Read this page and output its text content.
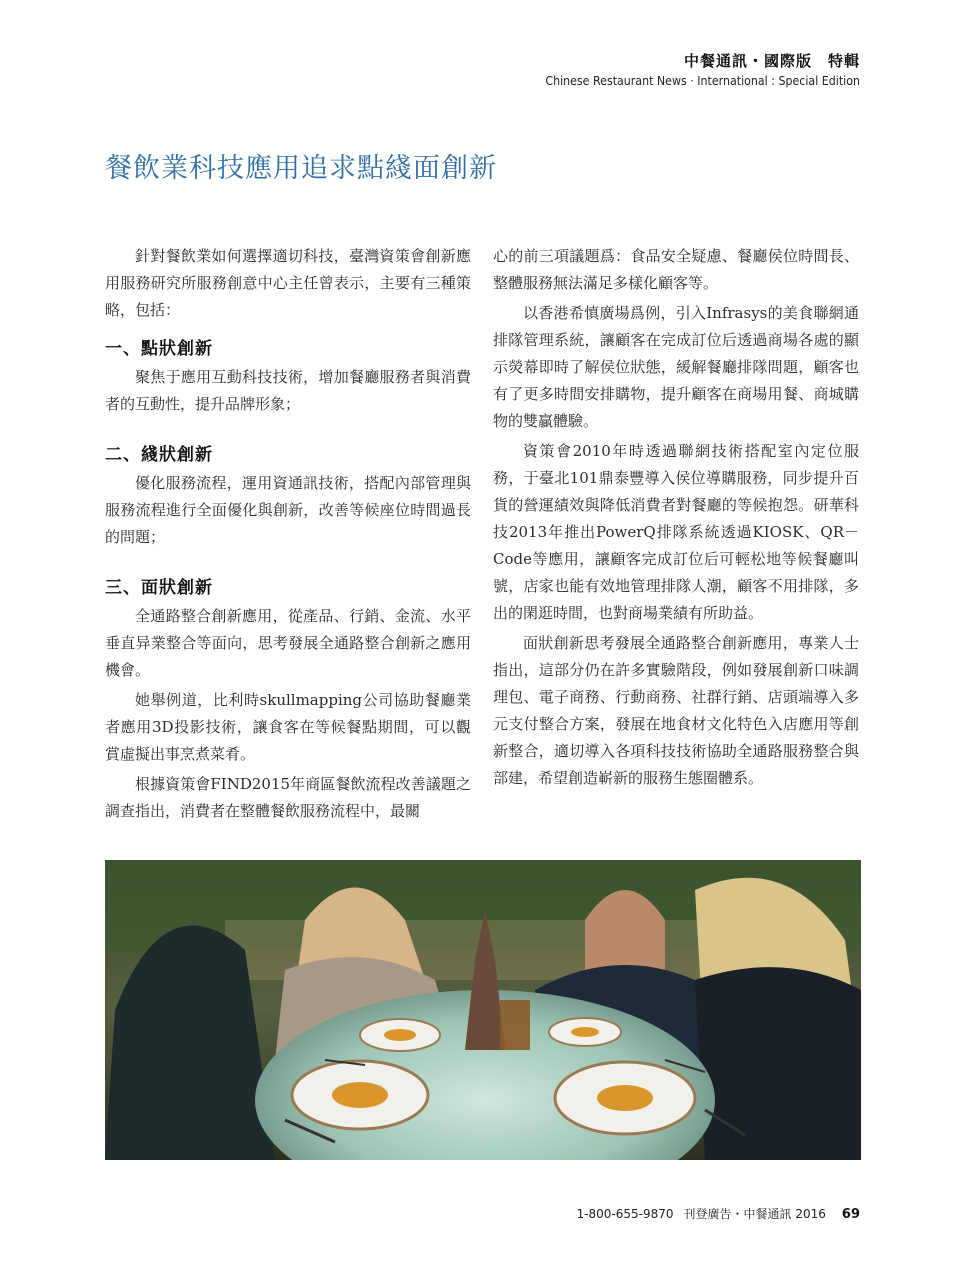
中餐通訊・國際版　特輯
Chinese Restaurant News · International : Special Edition
餐飲業科技應用追求點綫面創新

針對餐飲業如何選擇適切科技，臺灣資策會創新應用服務研究所服務創意中心主任曾表示，主要有三種策略，包括：

一、點狀創新

聚焦于應用互動科技技術，增加餐廳服務者與消費者的互動性，提升品牌形象；

二、綫狀創新

優化服務流程，運用資通訊技術，搭配內部管理與服務流程進行全面優化與創新，改善等候座位時間過長的問題；

三、面狀創新

全通路整合創新應用，從產品、行銷、金流、水平垂直异業整合等面向，思考發展全通路整合創新之應用機會。

她舉例道，比利時skullmapping公司協助餐廳業者應用3D投影技術，讓食客在等候餐點期間，可以觀賞虛擬出事烹煮菜肴。

根據資策會FIND2015年商區餐飲流程改善議題之調查指出，消費者在整體餐飲服務流程中，最關

心的前三項議題爲：食品安全疑慮、餐廳侯位時間長、整體服務無法滿足多樣化顧客等。

以香港希慎廣場爲例，引入Infrasys的美食聯網通排隊管理系統，讓顧客在完成訂位后透過商場各處的顯示熒幕即時了解侯位狀態，緩解餐廳排隊問題，顧客也有了更多時間安排購物，提升顧客在商場用餐、商城購物的雙贏體驗。

資策會2010年時透過聯網技術搭配室內定位服務，于臺北101鼎泰豐導入侯位導購服務，同步提升百貨的營運績效與降低消費者對餐廳的等候抱怨。研華科技2013年推出PowerQ排隊系統透過KIOSK、QR－Code等應用，讓顧客完成訂位后可輕松地等候餐廳叫號，店家也能有效地管理排隊人潮，顧客不用排隊，多出的閑逛時間，也對商場業績有所助益。

面狀創新思考發展全通路整合創新應用，專業人士指出，這部分仍在許多實驗階段，例如發展創新口味調理包、電子商務、行動商務、社群行銷、店頭端導入多元支付整合方案，發展在地食材文化特色入店應用等創新整合，適切導入各項科技技術協助全通路服務整合與部建，希望創造嶄新的服務生態圈體系。

1-800-655-9870 刊登廣告・中餐通訊 2016 69
